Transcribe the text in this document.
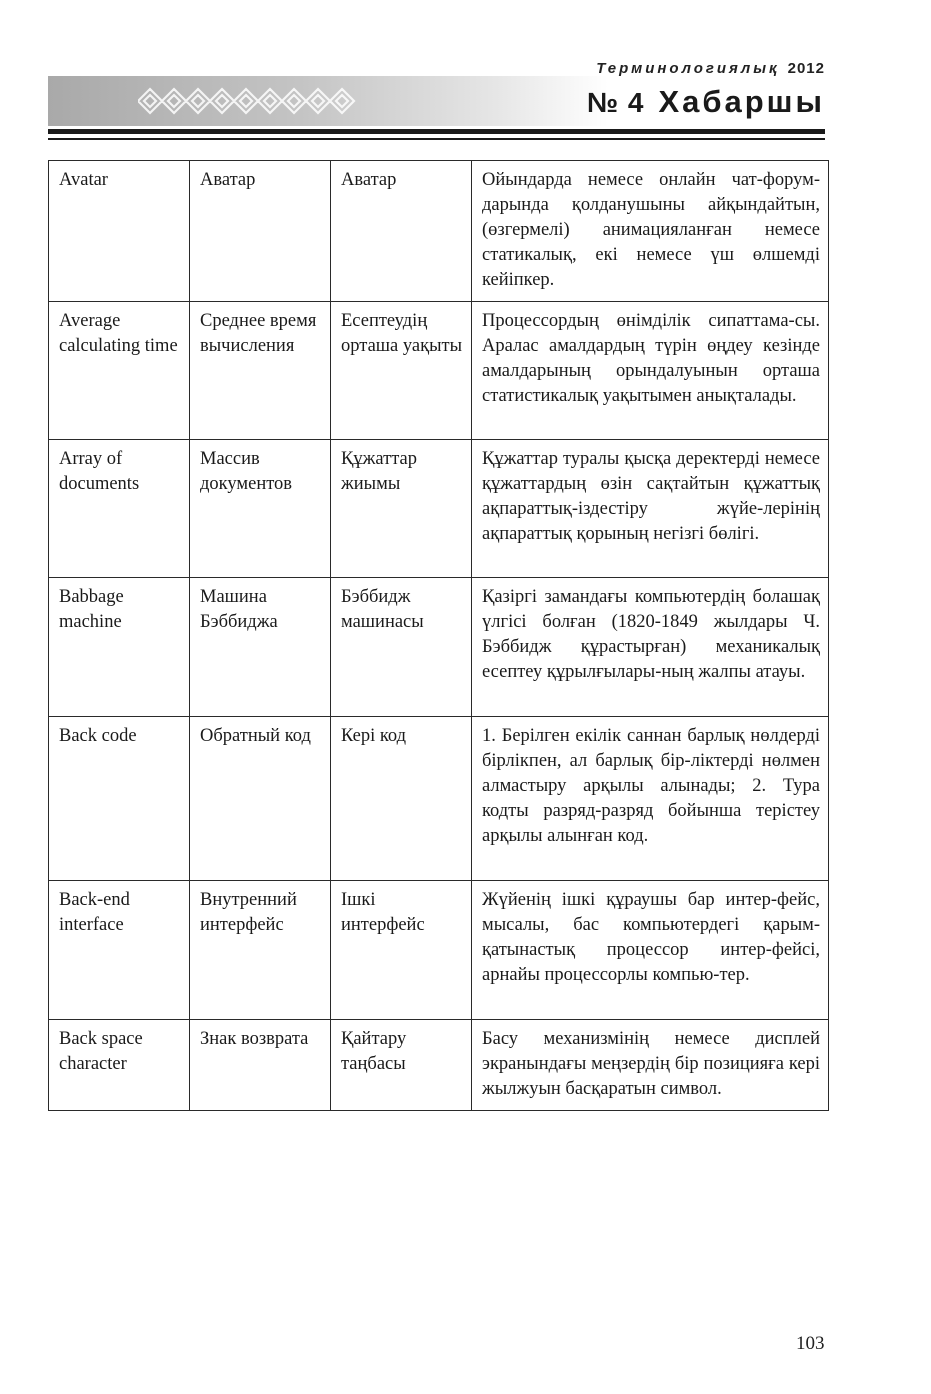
Терминологиялық 2012
№ 4 Хабаршы
Avatar	Аватар	Аватар	Ойындарда немесе онлайн чат-форум-дарында қолданушыны айқындайтын, (өзгермелі) анимацияланған немесе статикалық, екі немесе үш өлшемді кейіпкер.
Average calculating time	Среднее время вычисления	Есептеудің орташа уақыты	Процессордың өнімділік сипаттама-сы. Аралас амалдардың түрін өңдеу кезінде амалдарының орындалуынын орташа статистикалық уақытымен анықталады.
Array of documents	Массив документов	Құжаттар жиымы	Құжаттар туралы қысқа деректерді немесе құжаттардың өзін сақтайтын құжаттық ақпараттық-іздестіру жүйе-лерінің ақпараттық қорының негізгі бөлігі.
Babbage machine	Машина Бэббиджа	Бэббидж машинасы	Қазіргі замандағы компьютердің болашақ үлгісі болған (1820-1849 жылдары Ч. Бэббидж құрастырған) механикалық есептеу құрылғылары-ның жалпы атауы.
Back code	Обратный код	Кері код	1. Берілген екілік саннан барлық нөлдерді бірлікпен, ал барлық бір-ліктерді нөлмен алмастыру арқылы алынады; 2. Тура кодты разряд-разряд бойынша терістеу арқылы алынған код.
Back-end interface	Внутренний интерфейс	Ішкі интерфейс	Жүйенің ішкі құраушы бар интер-фейс, мысалы, бас компьютердегі қарым-қатынастық процессор интер-фейсі, арнайы процессорлы компью-тер.
Back space character	Знак возврата	Қайтару таңбасы	Басу механизмінің немесе дисплей экранындағы меңзердің бір позицияға кері жылжуын басқаратын символ.
103
